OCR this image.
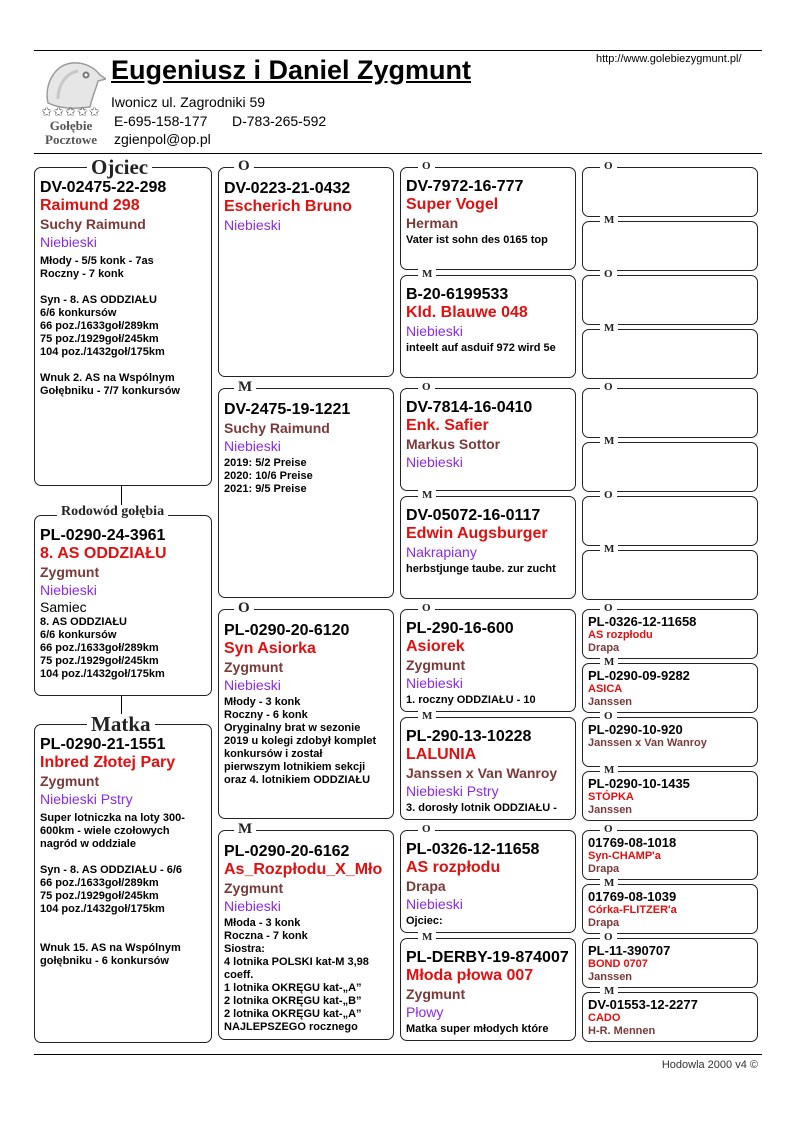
✩✩✩✩✩
Gołębie
Pocztowe
Eugeniusz i Daniel Zygmunt	http://www.golebiezygmunt.pl/
Iwonicz ul. Zagrodniki 59
E-695-158-177 D-783-265-592
zgienpol@op.pl
DV-02475-22-298
Raimund 298
Suchy Raimund
Niebieski
Młody - 5/5 konk - 7as
Roczny - 7 konk

Syn - 8. AS ODDZIAŁU
6/6 konkursów
66 poz./1633goł/289km
75 poz./1929goł/245km
104 poz./1432goł/175km

Wnuk 2. AS na Wspólnym
Gołębniku - 7/7 konkursów
Ojciec
PL-0290-24-3961
8. AS ODDZIAŁU
Zygmunt
Niebieski
Samiec
8. AS ODDZIAŁU
6/6 konkursów
66 poz./1633goł/289km
75 poz./1929goł/245km
104 poz./1432goł/175km
Rodowód gołębia
PL-0290-21-1551
Inbred Złotej Pary
Zygmunt
Niebieski Pstry
Super lotniczka na loty 300-
600km - wiele czołowych
nagród w oddziale

Syn - 8. AS ODDZIAŁU - 6/6
66 poz./1633goł/289km
75 poz./1929goł/245km
104 poz./1432goł/175km

Wnuk 15. AS na Wspólnym
gołębniku - 6 konkursów
Matka
DV-0223-21-0432
Escherich Bruno
Niebieski
O
DV-2475-19-1221
Suchy Raimund
Niebieski
2019: 5/2 Preise
2020: 10/6 Preise
2021: 9/5 Preise
M
PL-0290-20-6120
Syn Asiorka
Zygmunt
Niebieski
Młody - 3 konk
Roczny - 6 konk
Oryginalny brat w sezonie
2019 u kolegi zdobył komplet
konkursów i został
pierwszym lotnikiem sekcji
oraz 4. lotnikiem ODDZIAŁU
O
PL-0290-20-6162
As_Rozpłodu_X_Mło
Zygmunt
Niebieski
Młoda - 3 konk
Roczna - 7 konk
Siostra:
4 lotnika POLSKI kat-M 3,98
coeff.
1 lotnika OKRĘGU kat-„A”
2 lotnika OKRĘGU kat-„B”
2 lotnika OKRĘGU kat-„A”
NAJLEPSZEGO rocznego
M
DV-7972-16-777
Super Vogel
Herman
Vater ist sohn des 0165 top
O
B-20-6199533
Kld. Blauwe 048
Niebieski
inteelt auf asduif 972 wird 5e
M
DV-7814-16-0410
Enk. Safier
Markus Sottor
Niebieski
O
DV-05072-16-0117
Edwin Augsburger
Nakrapiany
herbstjunge taube. zur zucht
M
PL-290-16-600
Asiorek
Zygmunt
Niebieski
1. roczny ODDZIAŁU - 10
O
PL-290-13-10228
LALUNIA
Janssen x Van Wanroy
Niebieski Pstry
3. dorosły lotnik ODDZIAŁU -
M
PL-0326-12-11658
AS rozpłodu
Drapa
Niebieski
Ojciec:
O
PL-DERBY-19-874007
Młoda płowa 007
Zygmunt
Płowy
Matka super młodych które
M
O
M
O
M
O
M
O
M
PL-0326-12-11658
AS rozpłodu
Drapa
O
PL-0290-09-9282
ASICA
Janssen
M
PL-0290-10-920
Janssen x Van Wanroy
O
PL-0290-10-1435
STÓPKA
Janssen
M
01769-08-1018
Syn-CHAMP'a
Drapa
O
01769-08-1039
Córka-FLITZER'a
Drapa
M
PL-11-390707
BOND 0707
Janssen
O
DV-01553-12-2277
CADO
H-R. Mennen
M
Hodowla 2000 v4 ©
